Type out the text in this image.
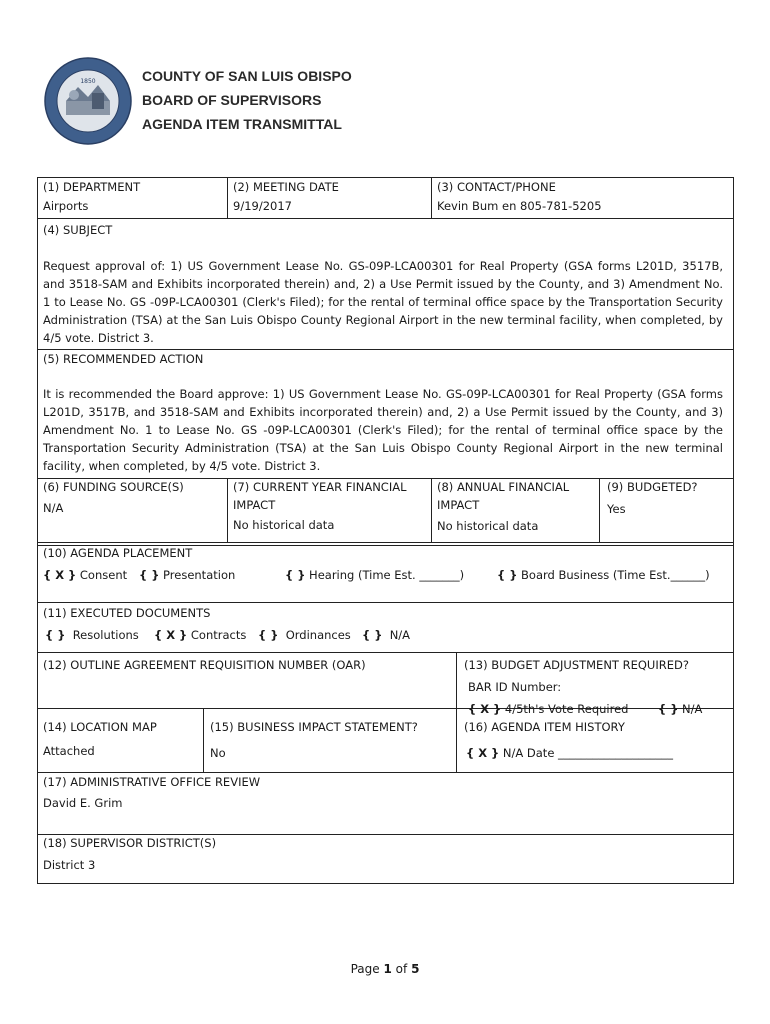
1850	COUNTY OF SAN LUIS OBISPO
BOARD OF SUPERVISORS
AGENDA ITEM TRANSMITTAL
(1) DEPARTMENT
Airports
(2) MEETING DATE
9/19/2017
(3) CONTACT/PHONE
Kevin Bum en 805-781-5205
(4) SUBJECT
Request approval of: 1) US Government Lease No. GS-09P-LCA00301 for Real Property (GSA forms L201D, 3517B, and 3518-SAM and Exhibits incorporated therein) and, 2) a Use Permit issued by the County, and 3) Amendment No. 1 to Lease No. GS -09P-LCA00301 (Clerk's Filed); for the rental of terminal office space by the Transportation Security Administration (TSA) at the San Luis Obispo County Regional Airport in the new terminal facility, when completed, by 4/5 vote. District 3.
(5) RECOMMENDED ACTION
It is recommended the Board approve: 1) US Government Lease No. GS-09P-LCA00301 for Real Property (GSA forms L201D, 3517B, and 3518-SAM and Exhibits incorporated therein) and, 2) a Use Permit issued by the County, and 3) Amendment No. 1 to Lease No. GS -09P-LCA00301 (Clerk's Filed); for the rental of terminal office space by the Transportation Security Administration (TSA) at the San Luis Obispo County Regional Airport in the new terminal facility, when completed, by 4/5 vote. District 3.
(6) FUNDING SOURCE(S)
N/A
(7) CURRENT YEAR FINANCIAL
IMPACT
No historical data
(8) ANNUAL FINANCIAL
IMPACT
No historical data
(9) BUDGETED?
Yes
(10) AGENDA PLACEMENT
{ X } Consent { } Presentation	{ } Hearing (Time Est. _______)	{ } Board Business (Time Est.______)
(11) EXECUTED DOCUMENTS
{ } Resolutions { X } Contracts { } Ordinances { } N/A
(12) OUTLINE AGREEMENT REQUISITION NUMBER (OAR)	(13) BUDGET ADJUSTMENT REQUIRED?
BAR ID Number:
{ X } 4/5th's Vote Required	{ } N/A
(14) LOCATION MAP
Attached
(15) BUSINESS IMPACT STATEMENT?
No
(16) AGENDA ITEM HISTORY
{ X } N/A Date ____________________
(17) ADMINISTRATIVE OFFICE REVIEW
David E. Grim
(18) SUPERVISOR DISTRICT(S)
District 3
Page 1 of 5
